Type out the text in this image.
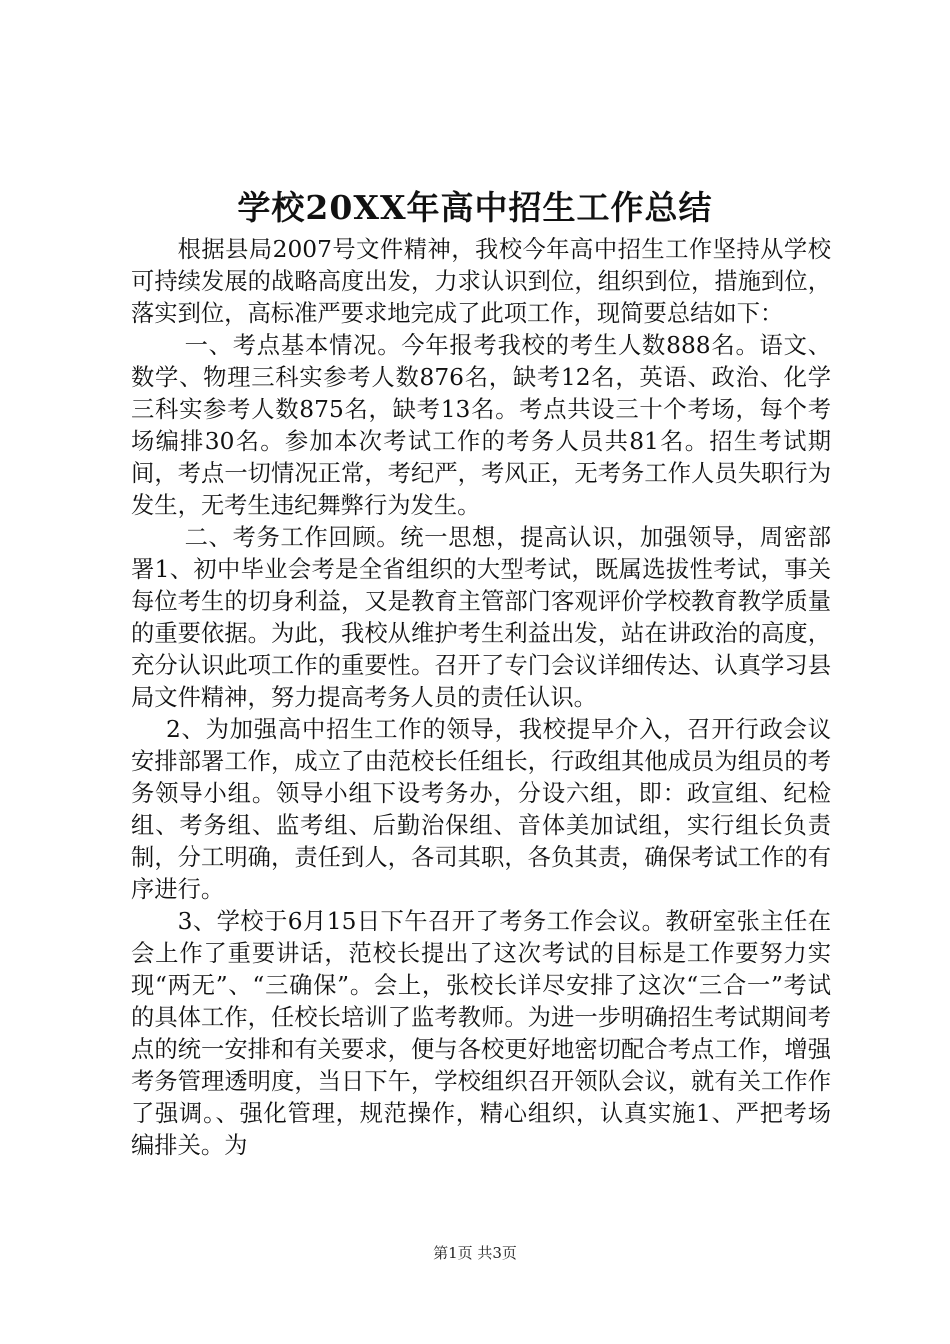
学校20XX年高中招生工作总结

根据县局2007号文件精神，我校今年高中招生工作坚持从学校可持续发展的战略高度出发，力求认识到位，组织到位，措施到位，落实到位，高标准严要求地完成了此项工作，现简要总结如下：

一、考点基本情况。今年报考我校的考生人数888名。语文、数学、物理三科实参考人数876名，缺考12名，英语、政治、化学三科实参考人数875名，缺考13名。考点共设三十个考场，每个考场编排30名。参加本次考试工作的考务人员共81名。招生考试期间，考点一切情况正常，考纪严，考风正，无考务工作人员失职行为发生，无考生违纪舞弊行为发生。

二、考务工作回顾。统一思想，提高认识，加强领导，周密部署1、初中毕业会考是全省组织的大型考试，既属选拔性考试，事关每位考生的切身利益，又是教育主管部门客观评价学校教育教学质量的重要依据。为此，我校从维护考生利益出发，站在讲政治的高度，充分认识此项工作的重要性。召开了专门会议详细传达、认真学习县局文件精神，努力提高考务人员的责任认识。

2、为加强高中招生工作的领导，我校提早介入，召开行政会议安排部署工作，成立了由范校长任组长，行政组其他成员为组员的考务领导小组。领导小组下设考务办，分设六组，即：政宣组、纪检组、考务组、监考组、后勤治保组、音体美加试组，实行组长负责制，分工明确，责任到人，各司其职，各负其责，确保考试工作的有序进行。

3、学校于6月15日下午召开了考务工作会议。教研室张主任在会上作了重要讲话，范校长提出了这次考试的目标是工作要努力实现“两无”、“三确保”。会上，张校长详尽安排了这次“三合一”考试的具体工作，任校长培训了监考教师。为进一步明确招生考试期间考点的统一安排和有关要求，便与各校更好地密切配合考点工作，增强考务管理透明度，当日下午，学校组织召开领队会议，就有关工作作了强调。、强化管理，规范操作，精心组织，认真实施1、严把考场编排关。为

第1页 共3页
